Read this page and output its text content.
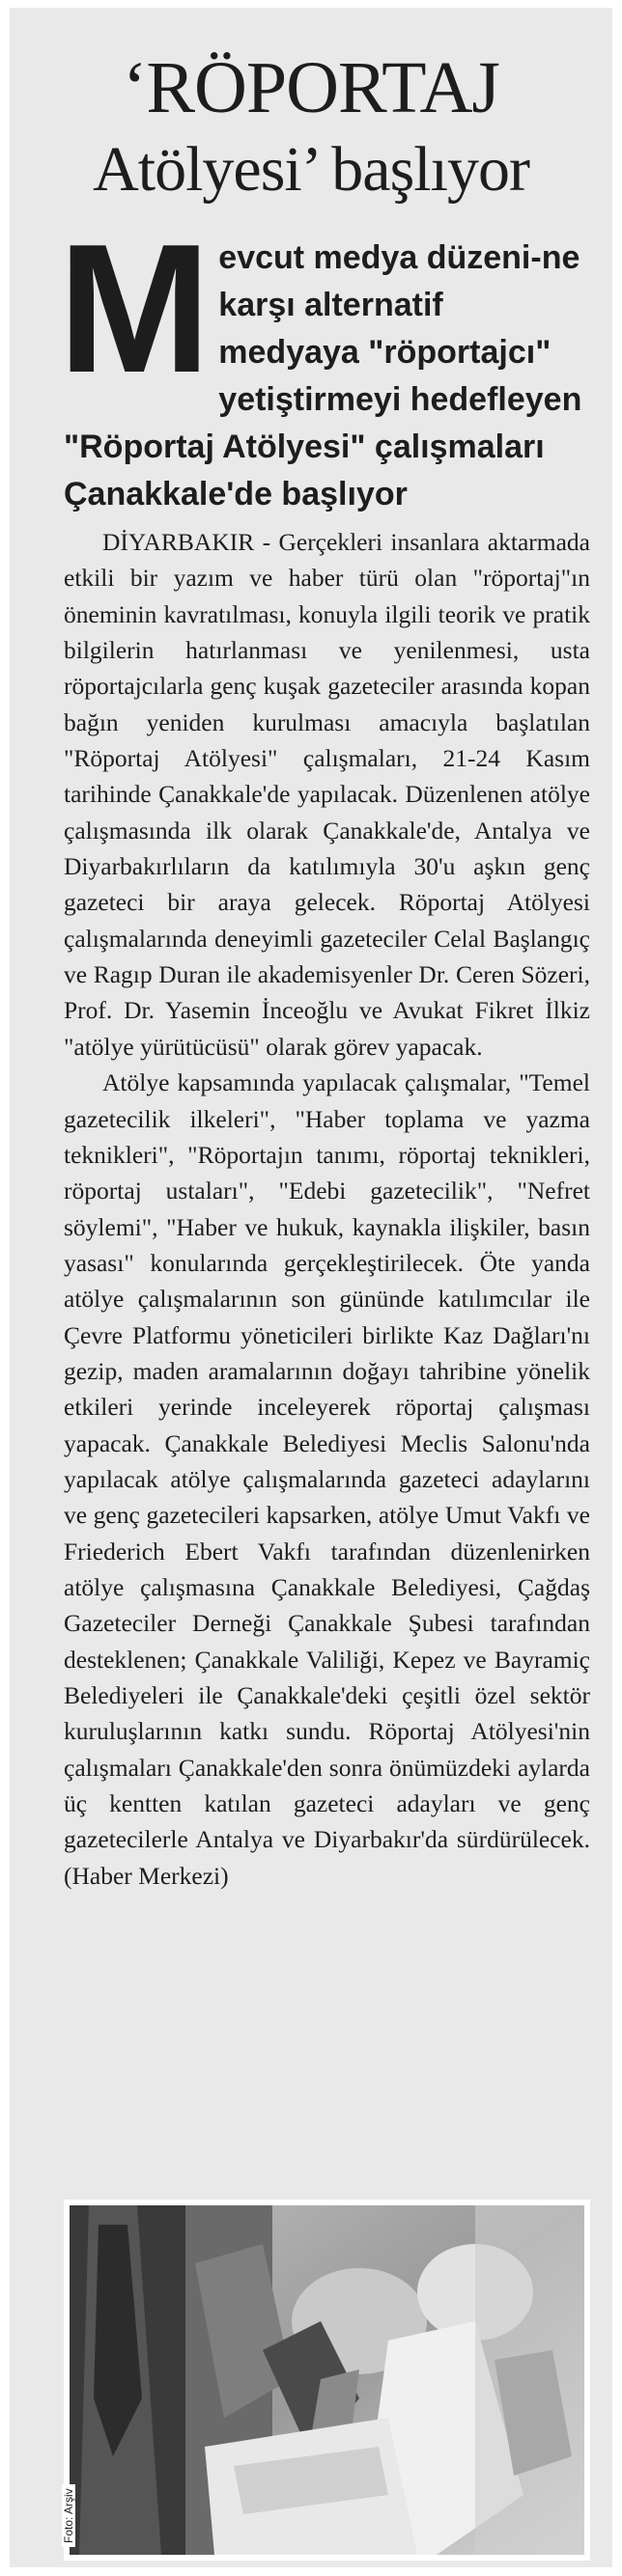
‘RÖPORTAJ
Atölyesi’ başlıyor
Mevcut medya düzeni-ne karşı alternatif medyaya "röportajcı" yetiştirmeyi hedefleyen "Röportaj Atölyesi" çalışmaları Çanakkale'de başlıyor

DİYARBAKIR - Gerçekleri insanlara aktarmada etkili bir yazım ve haber türü olan "röportaj"ın öneminin kavratılması, konuyla ilgili teorik ve pratik bilgilerin hatırlanması ve yenilenmesi, usta röportajcılarla genç kuşak gazeteciler arasında kopan bağın yeniden kurulması amacıyla başlatılan "Röportaj Atölyesi" çalışmaları, 21-24 Kasım tarihinde Çanakkale'de yapılacak. Düzenlenen atölye çalışmasında ilk olarak Çanakkale'de, Antalya ve Diyarbakırlıların da katılımıyla 30'u aşkın genç gazeteci bir araya gelecek. Röportaj Atölyesi çalışmalarında deneyimli gazeteciler Celal Başlangıç ve Ragıp Duran ile akademisyenler Dr. Ceren Sözeri, Prof. Dr. Yasemin İnceoğlu ve Avukat Fikret İlkiz "atölye yürütücüsü" olarak görev yapacak.

Atölye kapsamında yapılacak çalışmalar, "Temel gazetecilik ilkeleri", "Haber toplama ve yazma teknikleri", "Röportajın tanımı, röportaj teknikleri, röportaj ustaları", "Edebi gazetecilik", "Nefret söylemi", "Haber ve hukuk, kaynakla ilişkiler, basın yasası" konularında gerçekleştirilecek. Öte yanda atölye çalışmalarının son gününde katılımcılar ile Çevre Platformu yöneticileri birlikte Kaz Dağları'nı gezip, maden aramalarının doğayı tahribine yönelik etkileri yerinde inceleyerek röportaj çalışması yapacak. Çanakkale Belediyesi Meclis Salonu'nda yapılacak atölye çalışmalarında gazeteci adaylarını ve genç gazetecileri kapsarken, atölye Umut Vakfı ve Friederich Ebert Vakfı tarafından düzenlenirken atölye çalışmasına Çanakkale Belediyesi, Çağdaş Gazeteciler Derneği Çanakkale Şubesi tarafından desteklenen; Çanakkale Valiliği, Kepez ve Bayramiç Belediyeleri ile Çanakkale'deki çeşitli özel sektör kuruluşlarının katkı sundu. Röportaj Atölyesi'nin çalışmaları Çanakkale'den sonra önümüzdeki aylarda üç kentten katılan gazeteci adayları ve genç gazetecilerle Antalya ve Diyarbakır'da sürdürülecek. (Haber Merkezi)

Foto: Arşiv
